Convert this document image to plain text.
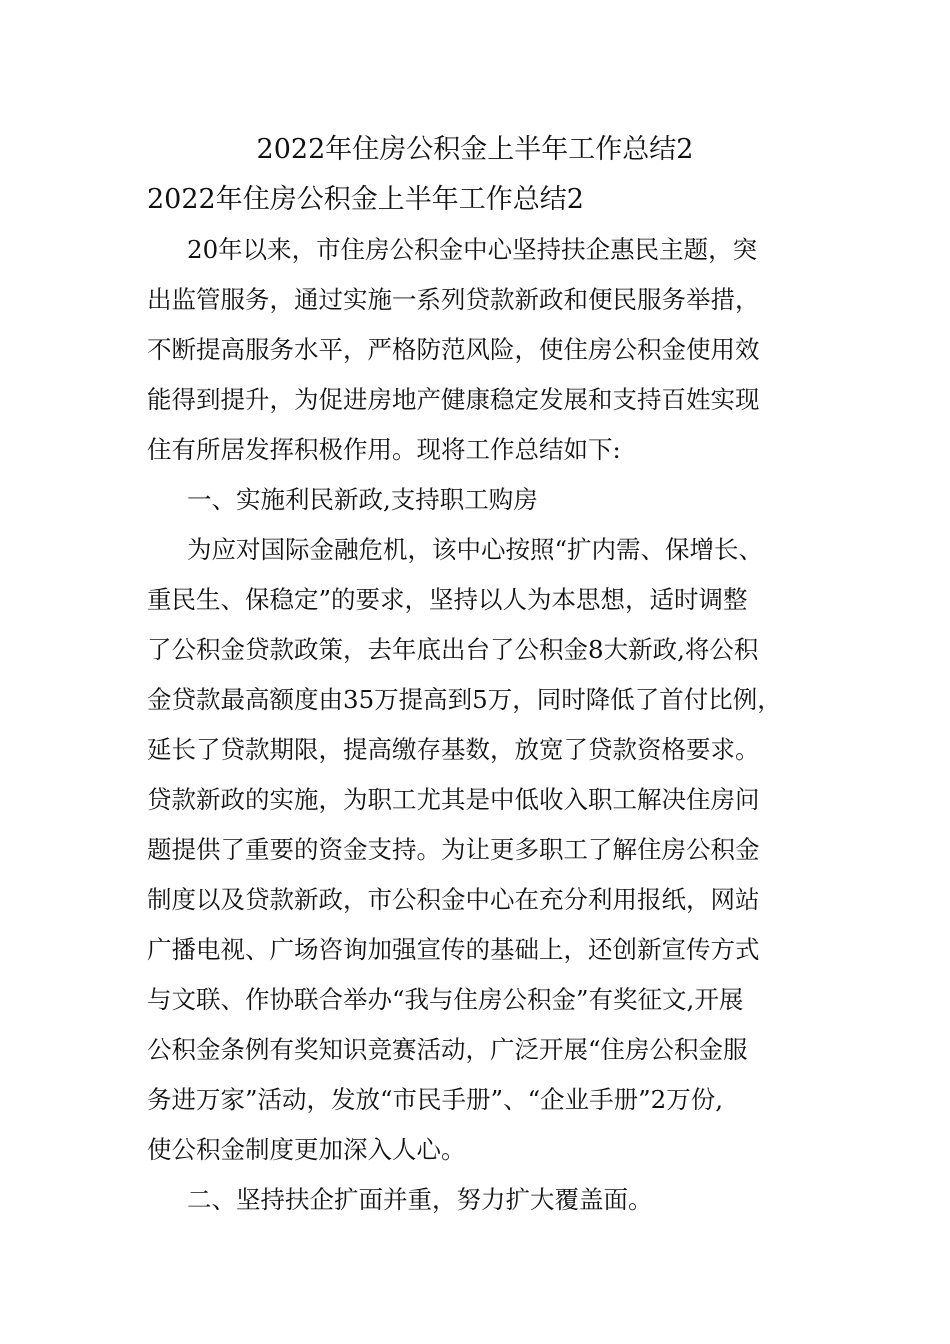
2022年住房公积金上半年工作总结2
2022年住房公积金上半年工作总结2
20年以来，市住房公积金中心坚持扶企惠民主题，突
出监管服务，通过实施一系列贷款新政和便民服务举措，
不断提高服务水平，严格防范风险，使住房公积金使用效
能得到提升，为促进房地产健康稳定发展和支持百姓实现
住有所居发挥积极作用。现将工作总结如下:
一、实施利民新政,支持职工购房
为应对国际金融危机，该中心按照“扩内需、保增长、
重民生、保稳定”的要求，坚持以人为本思想，适时调整
了公积金贷款政策，去年底出台了公积金8大新政,将公积
金贷款最高额度由35万提高到5万，同时降低了首付比例，
延长了贷款期限，提高缴存基数，放宽了贷款资格要求。
贷款新政的实施，为职工尤其是中低收入职工解决住房问
题提供了重要的资金支持。为让更多职工了解住房公积金
制度以及贷款新政，市公积金中心在充分利用报纸，网站
广播电视、广场咨询加强宣传的基础上，还创新宣传方式
与文联、作协联合举办“我与住房公积金”有奖征文,开展
公积金条例有奖知识竞赛活动，广泛开展“住房公积金服
务进万家”活动，发放“市民手册”、“企业手册”2万份,
使公积金制度更加深入人心。
二、坚持扶企扩面并重，努力扩大覆盖面。
